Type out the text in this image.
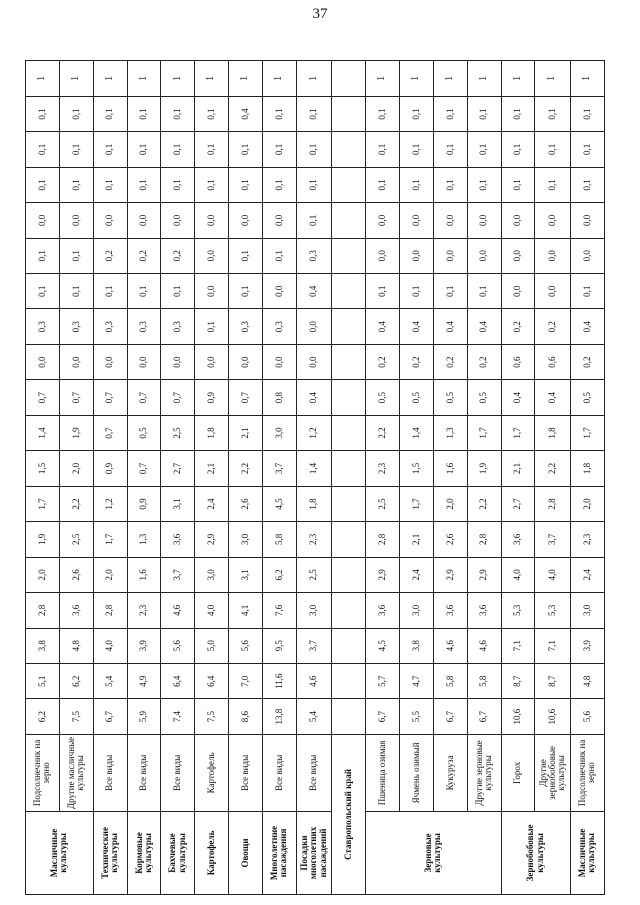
37
Масличные культуры	Подсолнечник на зерно	6,2	5,1	3,8	2,8	2,0	1,9	1,7	1,5	1,4	0,7	0,0	0,3	0,1	0,1	0,0	0,1	0,1	0,1	1
	Другие масличные культуры	7,5	6,2	4,8	3,6	2,6	2,5	2,2	2,0	1,9	0,7	0,0	0,3	0,1	0,1	0,0	0,1	0,1	0,1	1
Технические культуры	Все виды	6,7	5,4	4,0	2,8	2,0	1,7	1,2	0,9	0,7	0,7	0,0	0,3	0,1	0,2	0,0	0,1	0,1	0,1	1
Кормовые культуры	Все виды	5,9	4,9	3,9	2,3	1,6	1,3	0,9	0,7	0,5	0,7	0,0	0,3	0,1	0,2	0,0	0,1	0,1	0,1	1
Бахчевые культуры	Все виды	7,4	6,4	5,6	4,6	3,7	3,6	3,1	2,7	2,5	0,7	0,0	0,3	0,1	0,2	0,0	0,1	0,1	0,1	1
Картофель	Картофель	7,5	6,4	5,0	4,0	3,0	2,9	2,4	2,1	1,8	0,9	0,0	0,1	0,0	0,0	0,0	0,1	0,1	0,1	1
Овощи	Все виды	8,6	7,0	5,6	4,1	3,1	3,0	2,6	2,2	2,1	0,7	0,0	0,3	0,1	0,1	0,0	0,1	0,1	0,4	1
Многолетние насаждения	Все виды	13,8	11,6	9,5	7,6	6,2	5,8	4,5	3,7	3,0	0,8	0,0	0,3	0,0	0,1	0,0	0,1	0,1	0,1	1
Посадки многолетних насаждений	Все виды	5,4	4,6	3,7	3,0	2,5	2,3	1,8	1,4	1,2	0,4	0,0	0,0	0,4	0,3	0,1	0,1	0,1	0,1	1
Ставропольский край																				
Зерновые культуры	Пшеница озимая	6,7	5,7	4,5	3,6	2,9	2,8	2,5	2,3	2,2	0,5	0,2	0,4	0,1	0,0	0,0	0,1	0,1	0,1	1
	Ячмень озимый	5,5	4,7	3,8	3,0	2,4	2,1	1,7	1,5	1,4	0,5	0,2	0,4	0,1	0,0	0,0	0,1	0,1	0,1	1
	Кукуруза	6,7	5,8	4,6	3,6	2,9	2,6	2,0	1,6	1,3	0,5	0,2	0,4	0,1	0,0	0,0	0,1	0,1	0,1	1
	Другие зерновые культуры	6,7	5,8	4,6	3,6	2,9	2,8	2,2	1,9	1,7	0,5	0,2	0,4	0,1	0,0	0,0	0,1	0,1	0,1	1
Зернобобовые культуры	Горох	10,6	8,7	7,1	5,3	4,0	3,6	2,7	2,1	1,7	0,4	0,6	0,2	0,0	0,0	0,0	0,1	0,1	0,1	1
	Другие зернобобовые культуры	10,6	8,7	7,1	5,3	4,0	3,7	2,8	2,2	1,8	0,4	0,6	0,2	0,0	0,0	0,0	0,1	0,1	0,1	1
Масличные культуры	Подсолнечник на зерно	5,6	4,8	3,9	3,0	2,4	2,3	2,0	1,8	1,7	0,5	0,2	0,4	0,1	0,0	0,0	0,1	0,1	0,1	1
